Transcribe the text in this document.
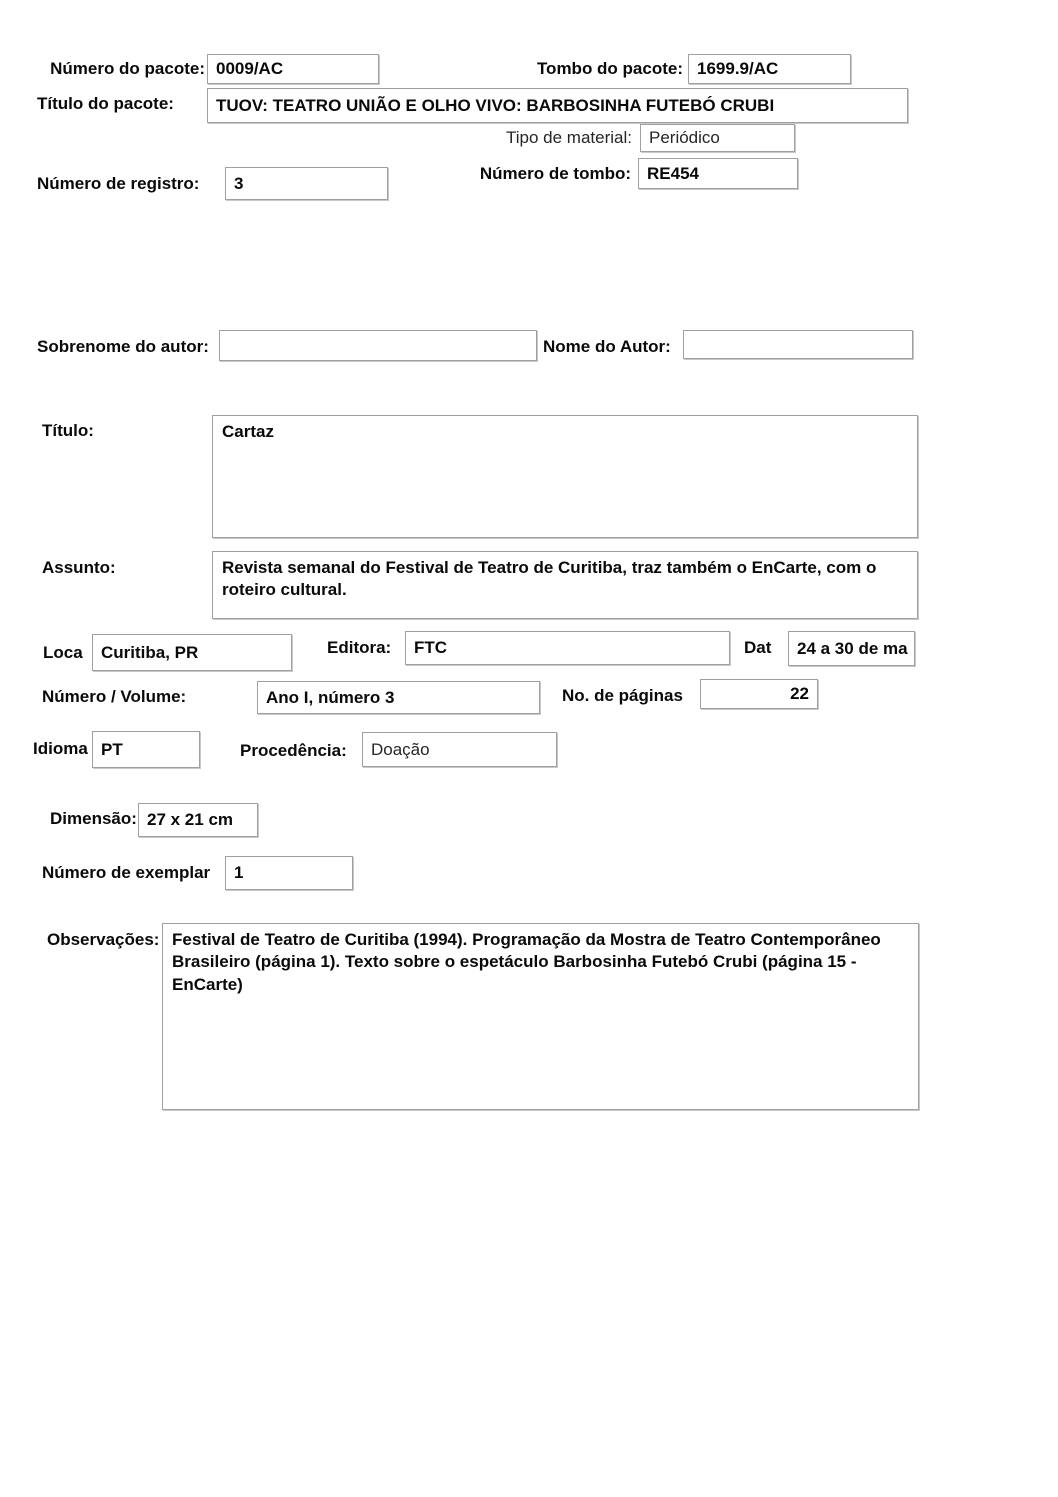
Número do pacote: 0009/AC	Tombo do pacote: 1699.9/AC
Título do pacote:	TUOV: TEATRO UNIÃO E OLHO VIVO: BARBOSINHA FUTEBÓ CRUBI
Tipo de material:	Periódico
Número de registro:	3	Número de tombo: RE454
Sobrenome do autor:	Nome do Autor:
Título:	Cartaz
Assunto:	Revista semanal do Festival de Teatro de Curitiba, traz também o EnCarte, com o roteiro cultural.
Loca	Curitiba, PR	Editora:	FTC	Dat	24 a 30 de ma
Número / Volume:	Ano I, número 3	No. de páginas	22
Idioma PT	Procedência:	Doação
Dimensão: 27 x 21 cm
Número de exemplar	1
Observações: Festival de Teatro de Curitiba (1994). Programação da Mostra de Teatro Contemporâneo Brasileiro (página 1). Texto sobre o espetáculo Barbosinha Futebó Crubi (página 15 - EnCarte)
